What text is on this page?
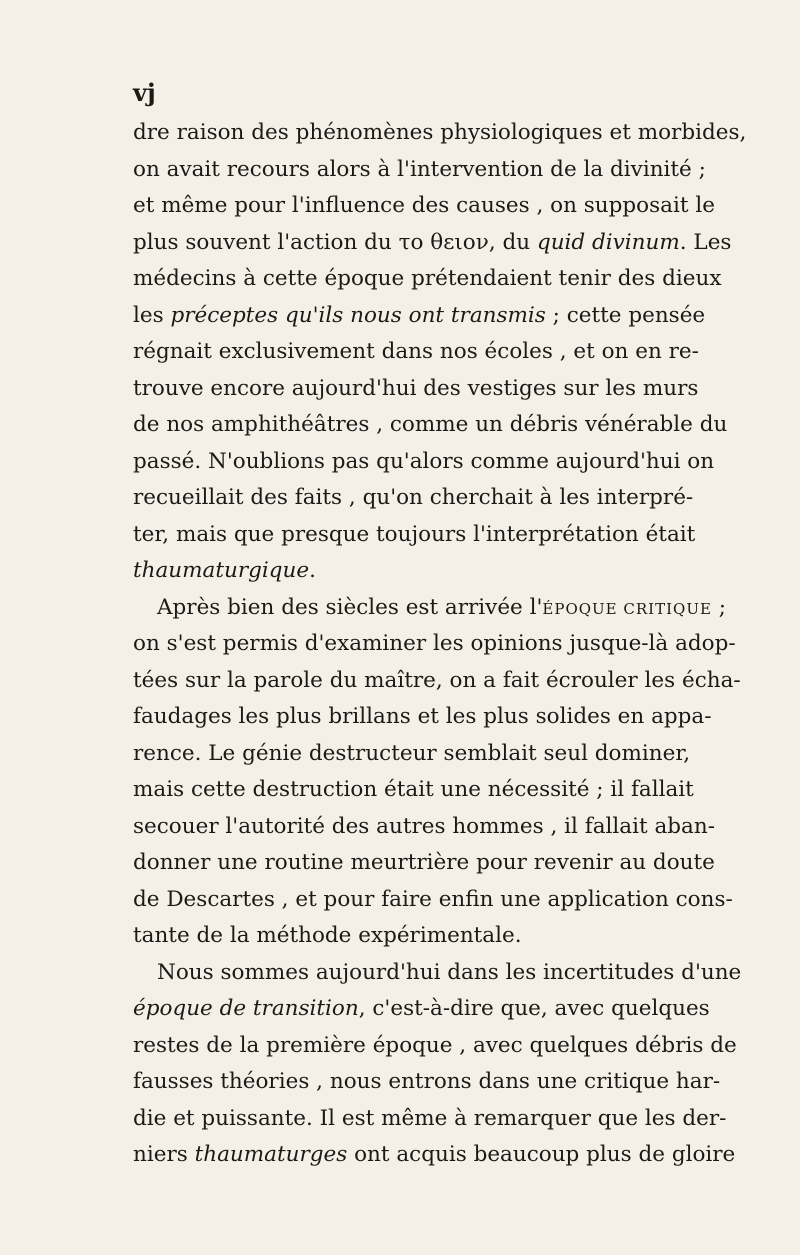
vj
dre raison des phénomènes physiologiques et morbides,
on avait recours alors à l'intervention de la divinité ;
et même pour l'influence des causes , on supposait le
plus souvent l'action du το θειον, du quid divinum. Les
médecins à cette époque prétendaient tenir des dieux
les préceptes qu'ils nous ont transmis ; cette pensée
régnait exclusivement dans nos écoles , et on en re-
trouve encore aujourd'hui des vestiges sur les murs
de nos amphithéâtres , comme un débris vénérable du
passé. N'oublions pas qu'alors comme aujourd'hui on
recueillait des faits , qu'on cherchait à les interpré-
ter, mais que presque toujours l'interprétation était
thaumaturgique.
Après bien des siècles est arrivée l'ÉPOQUE CRITIQUE ;
on s'est permis d'examiner les opinions jusque-là adop-
tées sur la parole du maître, on a fait écrouler les écha-
faudages les plus brillans et les plus solides en appa-
rence. Le génie destructeur semblait seul dominer,
mais cette destruction était une nécessité ; il fallait
secouer l'autorité des autres hommes , il fallait aban-
donner une routine meurtrière pour revenir au doute
de Descartes , et pour faire enfin une application cons-
tante de la méthode expérimentale.
Nous sommes aujourd'hui dans les incertitudes d'une
époque de transition, c'est-à-dire que, avec quelques
restes de la première époque , avec quelques débris de
fausses théories , nous entrons dans une critique har-
die et puissante. Il est même à remarquer que les der-
niers thaumaturges ont acquis beaucoup plus de gloire
